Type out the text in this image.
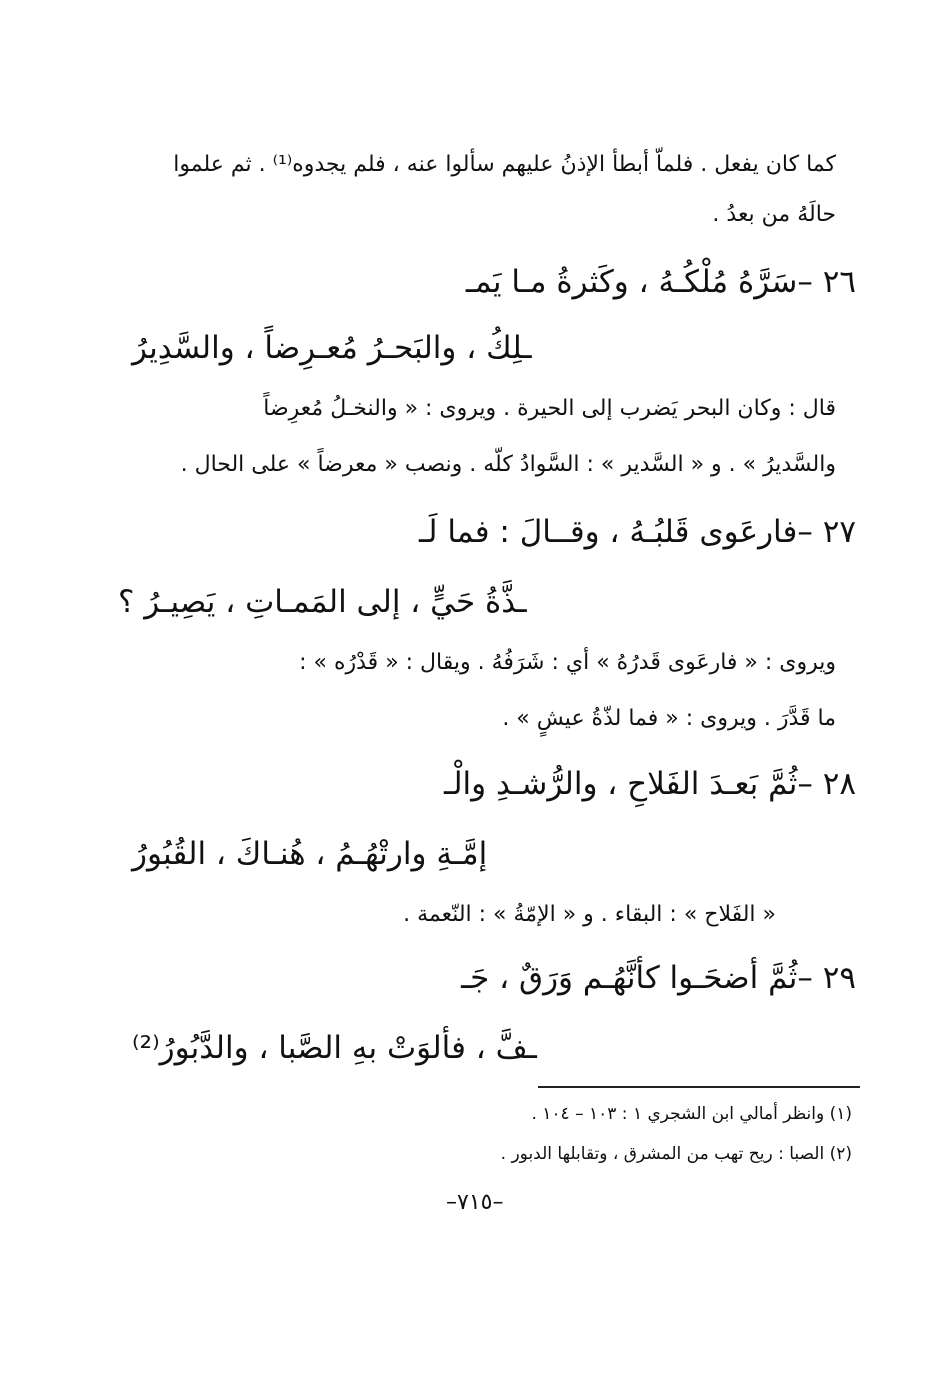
كما كان يفعل . فلماّ أبطأ الإذنُ عليهم سألوا عنه ، فلم يجدوه⁽¹⁾ . ثم علموا
حالَهُ من بعدُ .
٢٦ –سَرَّهُ مُلْكُـهُ ، وكَثرةُ مـا يَمـ
ـلِكُ ، والبَحـرُ مُعـرِضاً ، والسَّدِيرُ
قال : وكان البحر يَضرب إلى الحيرة . ويروى : « والنخـلُ مُعرِضاً
والسَّديرُ » . و « السَّدير » : السَّوادُ كلّه . ونصب « معرضاً » على الحال .
٢٧ –فارعَوى قَلبُـهُ ، وقــالَ : فما لَـ
ـذَّةُ حَيٍّ ، إلى المَمـاتِ ، يَصِيـرُ ؟
ويروى : « فارعَوى قَدرُهُ » أي : شَرَفُهُ . ويقال : « قَدْرُه » :
ما قَدَّرَ . ويروى : « فما لذّةُ عيشٍ » .
٢٨ –ثُمَّ بَعـدَ الفَلاحِ ، والرُّشـدِ والْـ
إمَّـةِ وارتْهُـمُ ، هُنـاكَ ، القُبُورُ
« الفَلاح » : البقاء . و « الإمّةُ » : النّعمة .
٢٩ –ثُمَّ أضحَـوا كأنَّهُـم وَرَقٌ ، جَـ
ـفَّ ، فألوَتْ بهِ الصَّبا ، والدَّبُورُ⁽²⁾
(١) وانظر أمالي ابن الشجري ١ : ١٠٣ – ١٠٤ .
(٢) الصبا : ريح تهب من المشرق ، وتقابلها الدبور .
–٧١٥–
